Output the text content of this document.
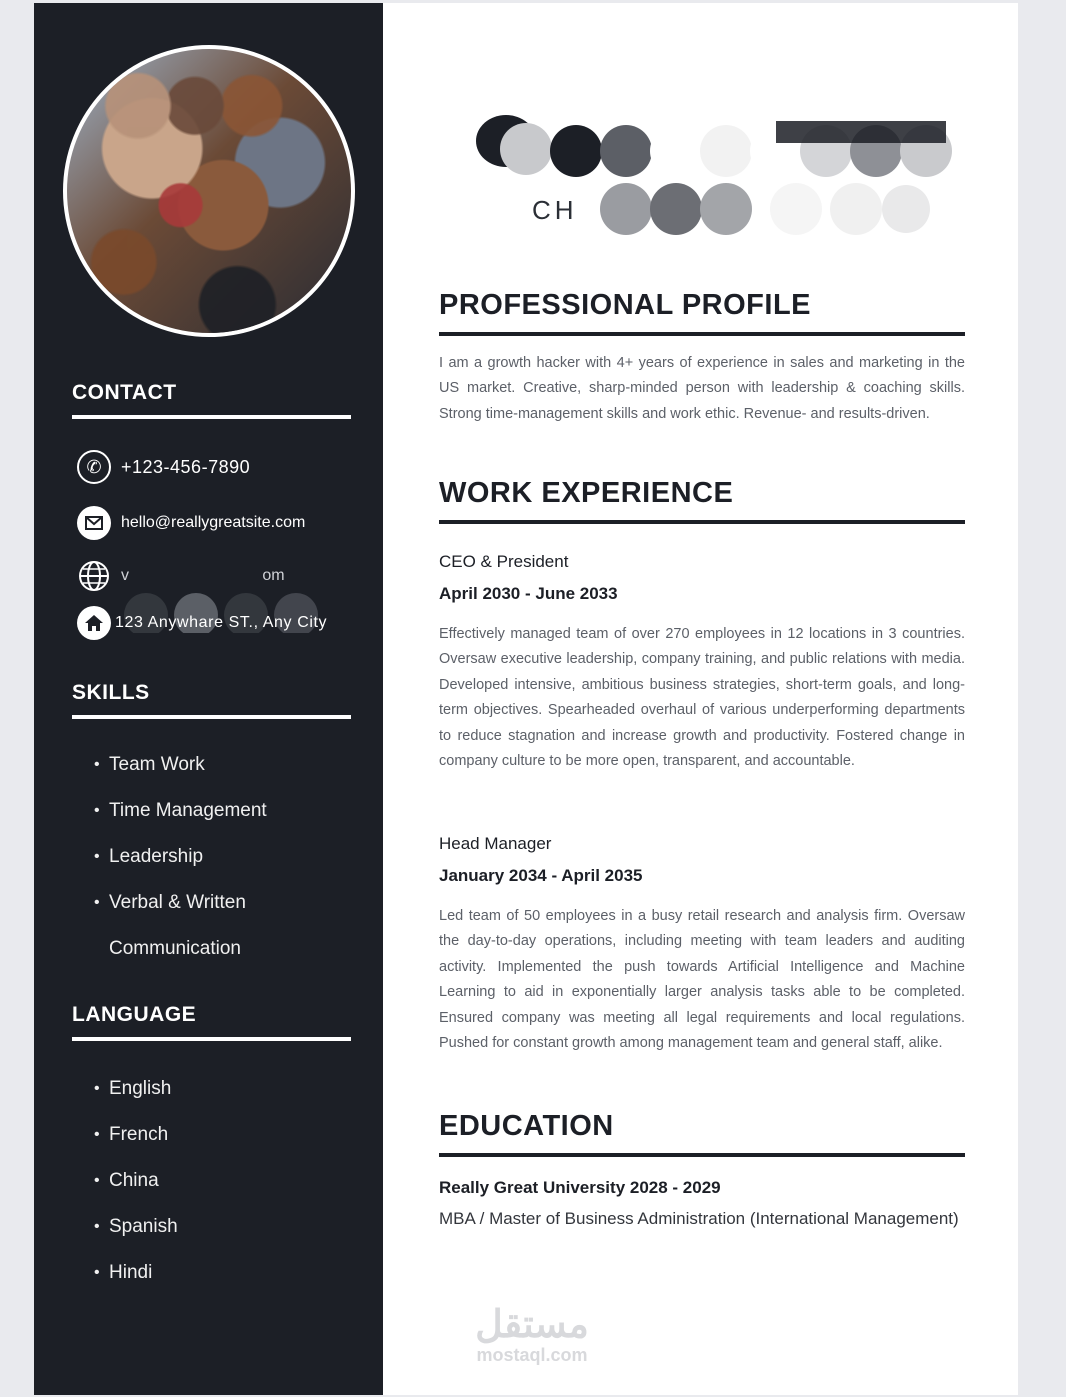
CONTACT
✆	+123-456-7890
hello@reallygreatsite.com
v                              om
123 Anywhare ST., Any City
SKILLS
• Team Work
• Time Management
• Leadership
• Verbal & Written
Communication
LANGUAGE
• English
• French
• China
• Spanish
• Hindi
CH
PROFESSIONAL PROFILE

I am a growth hacker with 4+ years of experience in sales and marketing in the US market. Creative, sharp-minded person with leadership & coaching skills. Strong time-management skills and work ethic. Revenue- and results-driven.

WORK EXPERIENCE
CEO & President
April 2030 - June 2033

Effectively managed team of over 270 employees in 12 locations in 3 countries. Oversaw executive leadership, company training, and public relations with media. Developed intensive, ambitious business strategies, short-term goals, and long-term objectives. Spearheaded overhaul of various underperforming departments to reduce stagnation and increase growth and productivity. Fostered change in company culture to be more open, transparent, and accountable.

Head Manager
January 2034 - April 2035

Led team of 50 employees in a busy retail research and analysis firm. Oversaw the day-to-day operations, including meeting with team leaders and auditing activity. Implemented the push towards Artificial Intelligence and Machine Learning to aid in exponentially larger analysis tasks able to be completed. Ensured company was meeting all legal requirements and local regulations. Pushed for constant growth among management team and general staff, alike.

EDUCATION
Really Great University 2028 - 2029
MBA / Master of Business Administration (International Management)
مستقل
mostaql.com
